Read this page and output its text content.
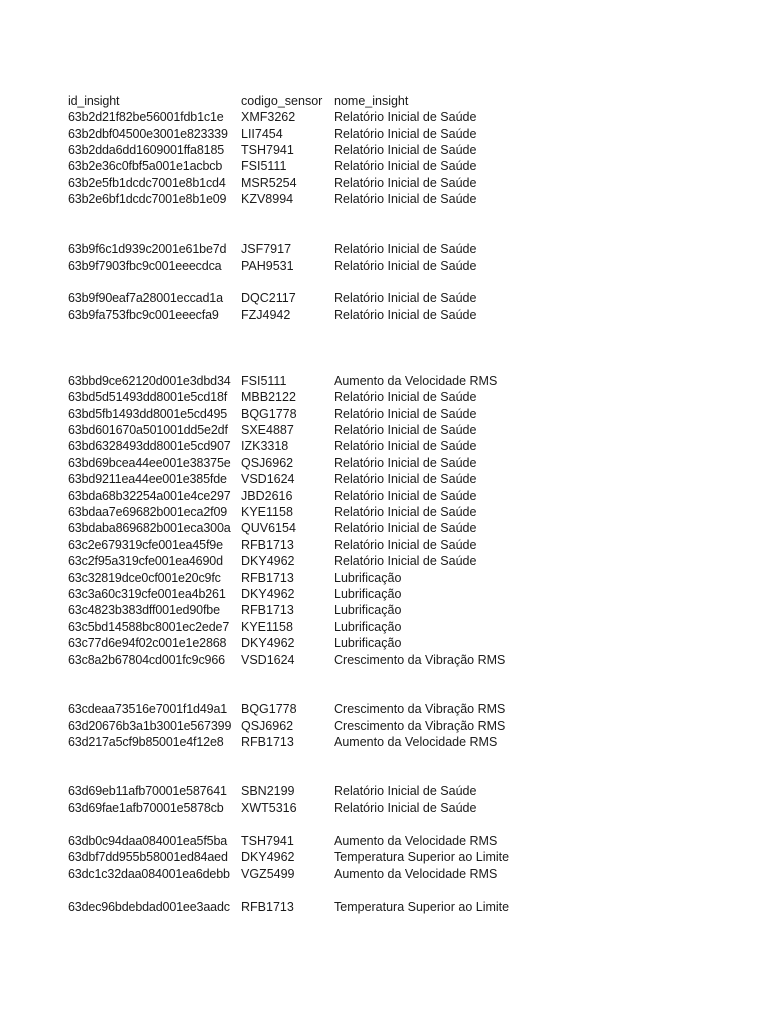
id_insight	codigo_sensor nome_insight
63b2d21f82be56001fdb1c1e XMF3262	Relatório Inicial de Saúde
63b2dbf04500e3001e823339 LII7454	Relatório Inicial de Saúde
63b2dda6dd1609001ffa8185 TSH7941	Relatório Inicial de Saúde
63b2e36c0fbf5a001e1acbcb FSI5111	Relatório Inicial de Saúde
63b2e5fb1dcdc7001e8b1cd4 MSR5254	Relatório Inicial de Saúde
63b2e6bf1dcdc7001e8b1e09 KZV8994	Relatório Inicial de Saúde
63b9f6c1d939c2001e61be7d JSF7917	Relatório Inicial de Saúde
63b9f7903fbc9c001eeecdca PAH9531	Relatório Inicial de Saúde
63b9f90eaf7a28001eccad1a DQC2117	Relatório Inicial de Saúde
63b9fa753fbc9c001eeecfa9 FZJ4942	Relatório Inicial de Saúde
63bbd9ce62120d001e3dbd34 FSI5111	Aumento da Velocidade RMS
63bd5d51493dd8001e5cd18f MBB2122	Relatório Inicial de Saúde
63bd5fb1493dd8001e5cd495 BQG1778	Relatório Inicial de Saúde
63bd601670a501001dd5e2df SXE4887	Relatório Inicial de Saúde
63bd6328493dd8001e5cd907 IZK3318	Relatório Inicial de Saúde
63bd69bcea44ee001e38375e QSJ6962	Relatório Inicial de Saúde
63bd9211ea44ee001e385fde VSD1624	Relatório Inicial de Saúde
63bda68b32254a001e4ce297 JBD2616	Relatório Inicial de Saúde
63bdaa7e69682b001eca2f09 KYE1158	Relatório Inicial de Saúde
63bdaba869682b001eca300a QUV6154	Relatório Inicial de Saúde
63c2e679319cfe001ea45f9e RFB1713	Relatório Inicial de Saúde
63c2f95a319cfe001ea4690d DKY4962	Relatório Inicial de Saúde
63c32819dce0cf001e20c9fc RFB1713	Lubrificação
63c3a60c319cfe001ea4b261 DKY4962	Lubrificação
63c4823b383dff001ed90fbe RFB1713	Lubrificação
63c5bd14588bc8001ec2ede7 KYE1158	Lubrificação
63c77d6e94f02c001e1e2868 DKY4962	Lubrificação
63c8a2b67804cd001fc9c966 VSD1624	Crescimento da Vibração RMS
63cdeaa73516e7001f1d49a1 BQG1778	Crescimento da Vibração RMS
63d20676b3a1b3001e567399 QSJ6962	Crescimento da Vibração RMS
63d217a5cf9b85001e4f12e8 RFB1713	Aumento da Velocidade RMS
63d69eb11afb70001e587641 SBN2199	Relatório Inicial de Saúde
63d69fae1afb70001e5878cb XWT5316	Relatório Inicial de Saúde
63db0c94daa084001ea5f5ba TSH7941	Aumento da Velocidade RMS
63dbf7dd955b58001ed84aed DKY4962	Temperatura Superior ao Limite
63dc1c32daa084001ea6debb VGZ5499	Aumento da Velocidade RMS
63dec96bdebdad001ee3aadc RFB1713	Temperatura Superior ao Limite
